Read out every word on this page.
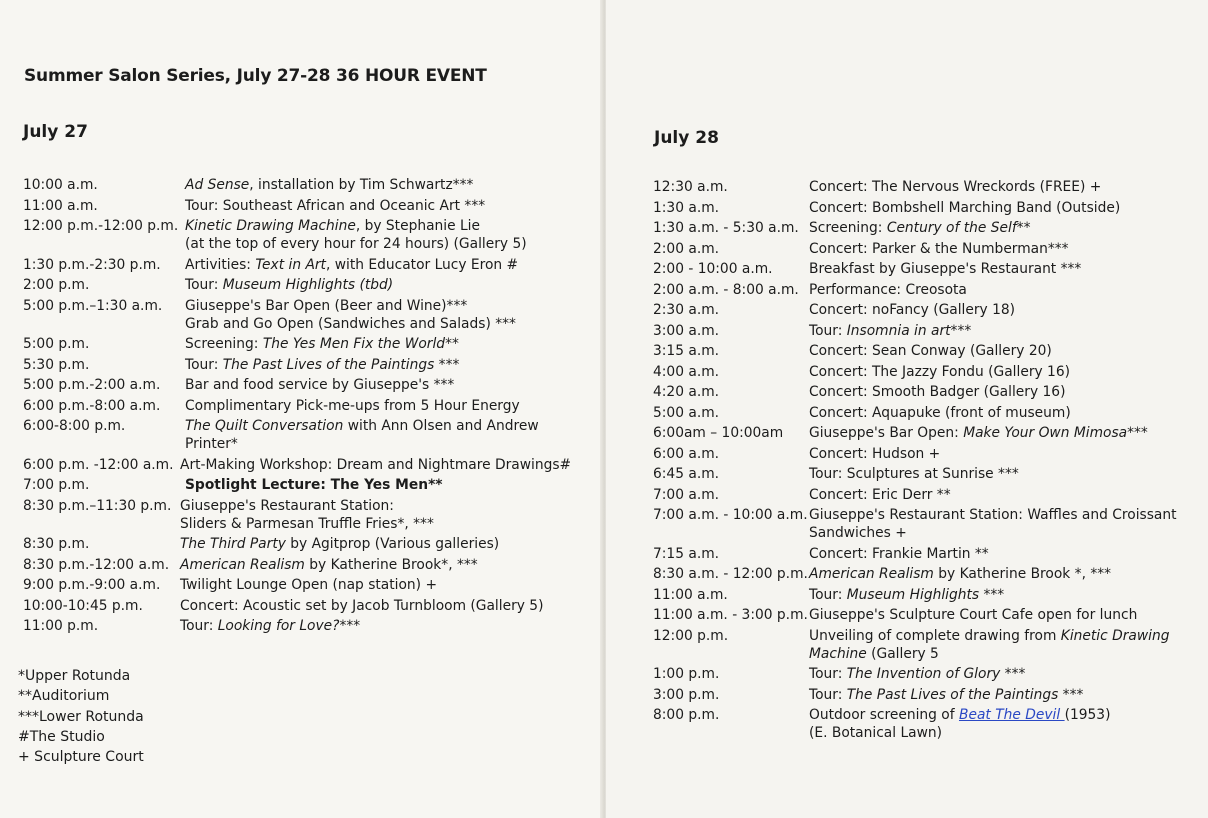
Summer Salon Series, July 27-28 36 HOUR EVENT
July 27
10:00 a.m.	Ad Sense, installation by Tim Schwartz***
11:00 a.m.	Tour: Southeast African and Oceanic Art ***
12:00 p.m.-12:00 p.m. Kinetic Drawing Machine, by Stephanie Lie
(at the top of every hour for 24 hours) (Gallery 5)
1:30 p.m.-2:30 p.m.	Artivities: Text in Art, with Educator Lucy Eron #
2:00 p.m.	Tour: Museum Highlights (tbd)
5:00 p.m.–1:30 a.m.	Giuseppe's Bar Open (Beer and Wine)***
Grab and Go Open (Sandwiches and Salads) ***
5:00 p.m.	Screening: The Yes Men Fix the World**
5:30 p.m.	Tour: The Past Lives of the Paintings ***
5:00 p.m.-2:00 a.m.	Bar and food service by Giuseppe's ***
6:00 p.m.-8:00 a.m.	Complimentary Pick-me-ups from 5 Hour Energy
6:00-8:00 p.m.	The Quilt Conversation with Ann Olsen and Andrew
Printer*
6:00 p.m. -12:00 a.m. Art-Making Workshop: Dream and Nightmare Drawings#
7:00 p.m.	Spotlight Lecture: The Yes Men**
8:30 p.m.–11:30 p.m. Giuseppe's Restaurant Station:
Sliders & Parmesan Truffle Fries*, ***
8:30 p.m.	The Third Party by Agitprop (Various galleries)
8:30 p.m.-12:00 a.m. American Realism by Katherine Brook*, ***
9:00 p.m.-9:00 a.m.	Twilight Lounge Open (nap station) +
10:00-10:45 p.m.	Concert: Acoustic set by Jacob Turnbloom (Gallery 5)
11:00 p.m.	Tour: Looking for Love?***
*Upper Rotunda
**Auditorium
***Lower Rotunda
#The Studio
+ Sculpture Court
July 28
12:30 a.m.	Concert: The Nervous Wreckords (FREE) +
1:30 a.m.	Concert: Bombshell Marching Band (Outside)
1:30 a.m. - 5:30 a.m. Screening: Century of the Self**
2:00 a.m.	Concert: Parker & the Numberman***
2:00 - 10:00 a.m.	Breakfast by Giuseppe's Restaurant ***
2:00 a.m. - 8:00 a.m. Performance: Creosota
2:30 a.m.	Concert: noFancy (Gallery 18)
3:00 a.m.	Tour: Insomnia in art***
3:15 a.m.	Concert: Sean Conway (Gallery 20)
4:00 a.m.	Concert: The Jazzy Fondu (Gallery 16)
4:20 a.m.	Concert: Smooth Badger (Gallery 16)
5:00 a.m.	Concert: Aquapuke (front of museum)
6:00am – 10:00am	Giuseppe's Bar Open: Make Your Own Mimosa***
6:00 a.m.	Concert: Hudson +
6:45 a.m.	Tour: Sculptures at Sunrise ***
7:00 a.m.	Concert: Eric Derr **
7:00 a.m. - 10:00 a.m. Giuseppe's Restaurant Station: Waffles and Croissant
Sandwiches +
7:15 a.m.	Concert: Frankie Martin **
8:30 a.m. - 12:00 p.m. American Realism by Katherine Brook *, ***
11:00 a.m.	Tour: Museum Highlights ***
11:00 a.m. - 3:00 p.m. Giuseppe's Sculpture Court Cafe open for lunch
12:00 p.m.	Unveiling of complete drawing from Kinetic Drawing
Machine (Gallery 5
1:00 p.m.	Tour: The Invention of Glory ***
3:00 p.m.	Tour: The Past Lives of the Paintings ***
8:00 p.m.	Outdoor screening of Beat The Devil (1953)
(E. Botanical Lawn)
